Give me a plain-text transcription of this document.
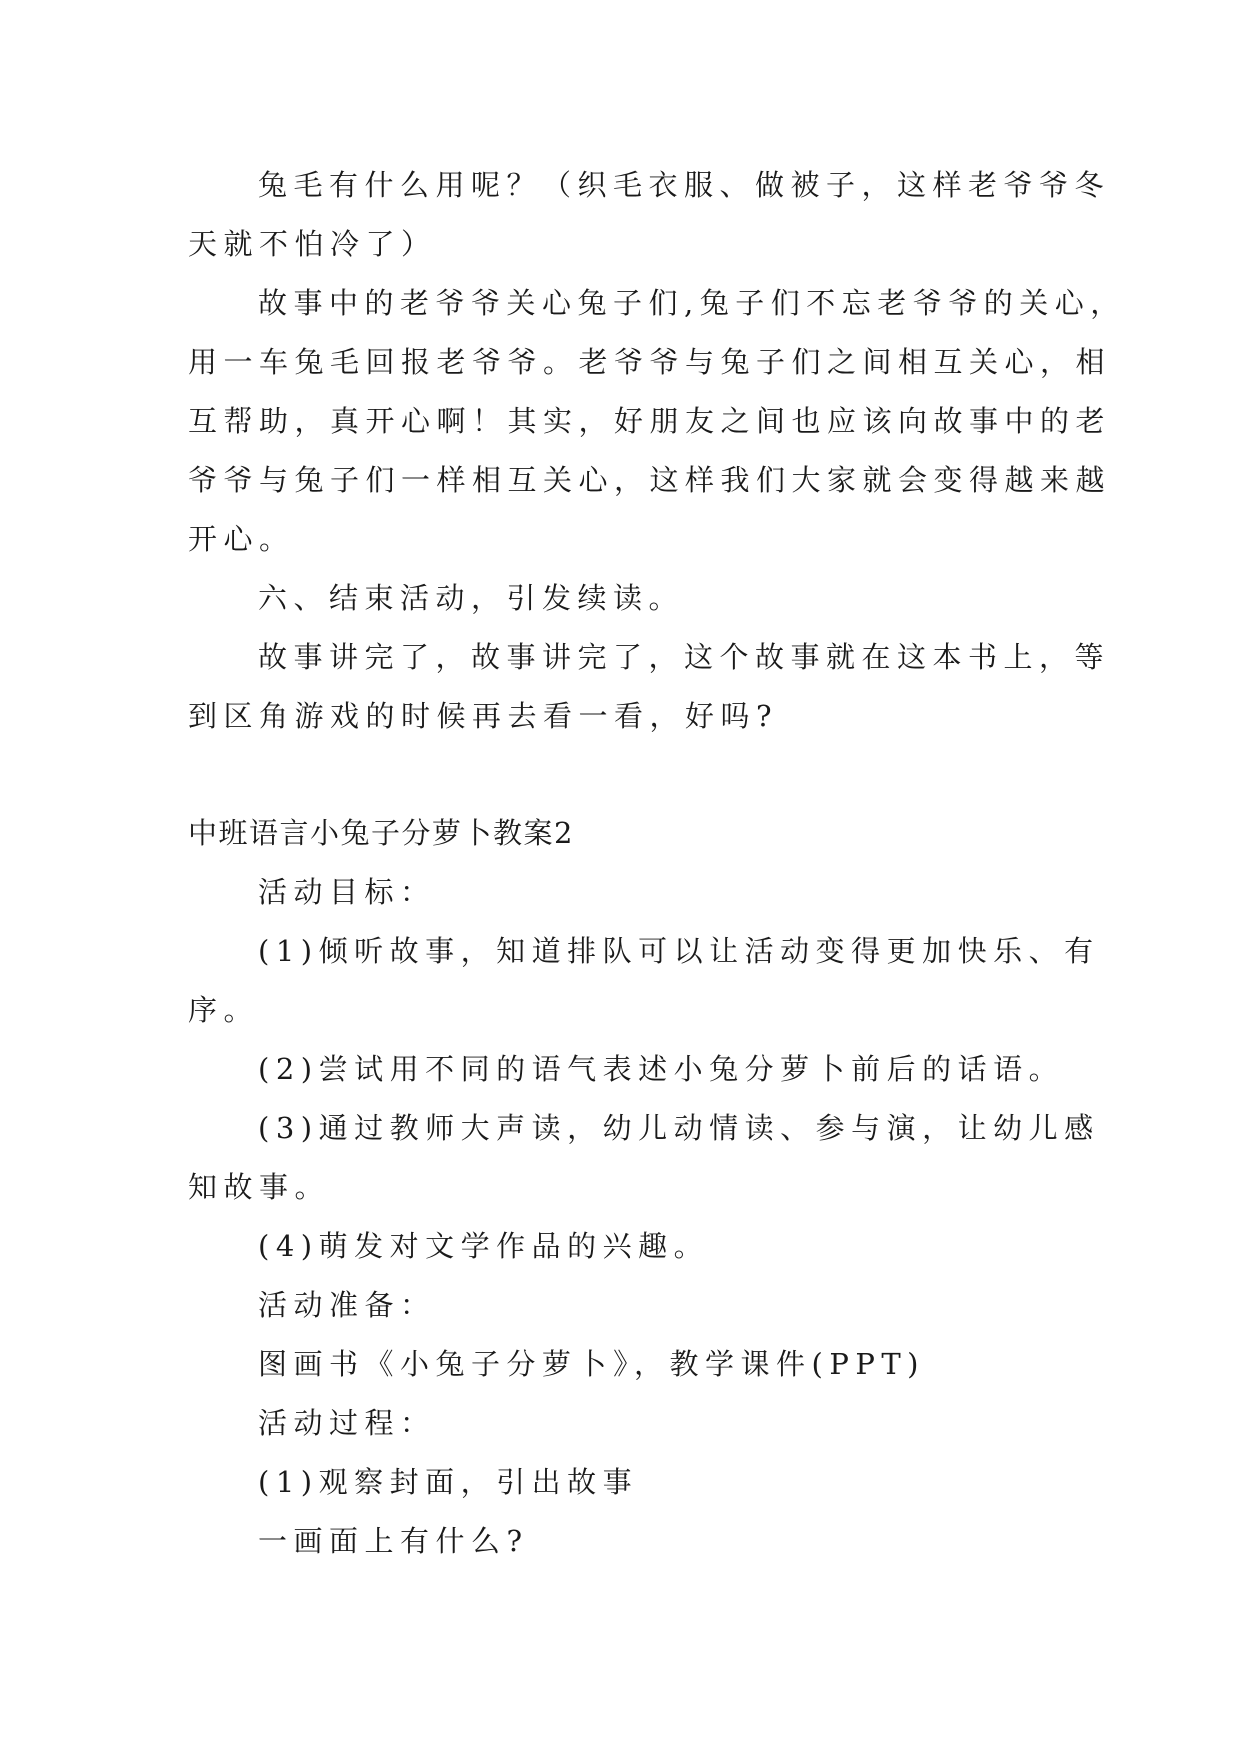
兔毛有什么用呢？（织毛衣服、做被子，这样老爷爷冬

天就不怕冷了）

故事中的老爷爷关心兔子们,兔子们不忘老爷爷的关心，

用一车兔毛回报老爷爷。老爷爷与兔子们之间相互关心，相

互帮助，真开心啊！其实，好朋友之间也应该向故事中的老

爷爷与兔子们一样相互关心，这样我们大家就会变得越来越

开心。

六、结束活动，引发续读。

故事讲完了，故事讲完了，这个故事就在这本书上，等

到区角游戏的时候再去看一看，好吗?

中班语言小兔子分萝卜教案2

活动目标：

(1)倾听故事，知道排队可以让活动变得更加快乐、有

序。

(2)尝试用不同的语气表述小兔分萝卜前后的话语。

(3)通过教师大声读，幼儿动情读、参与演，让幼儿感

知故事。

(4)萌发对文学作品的兴趣。

活动准备：

图画书《小兔子分萝卜》，教学课件(PPT)

活动过程：

(1)观察封面，引出故事

一画面上有什么?
